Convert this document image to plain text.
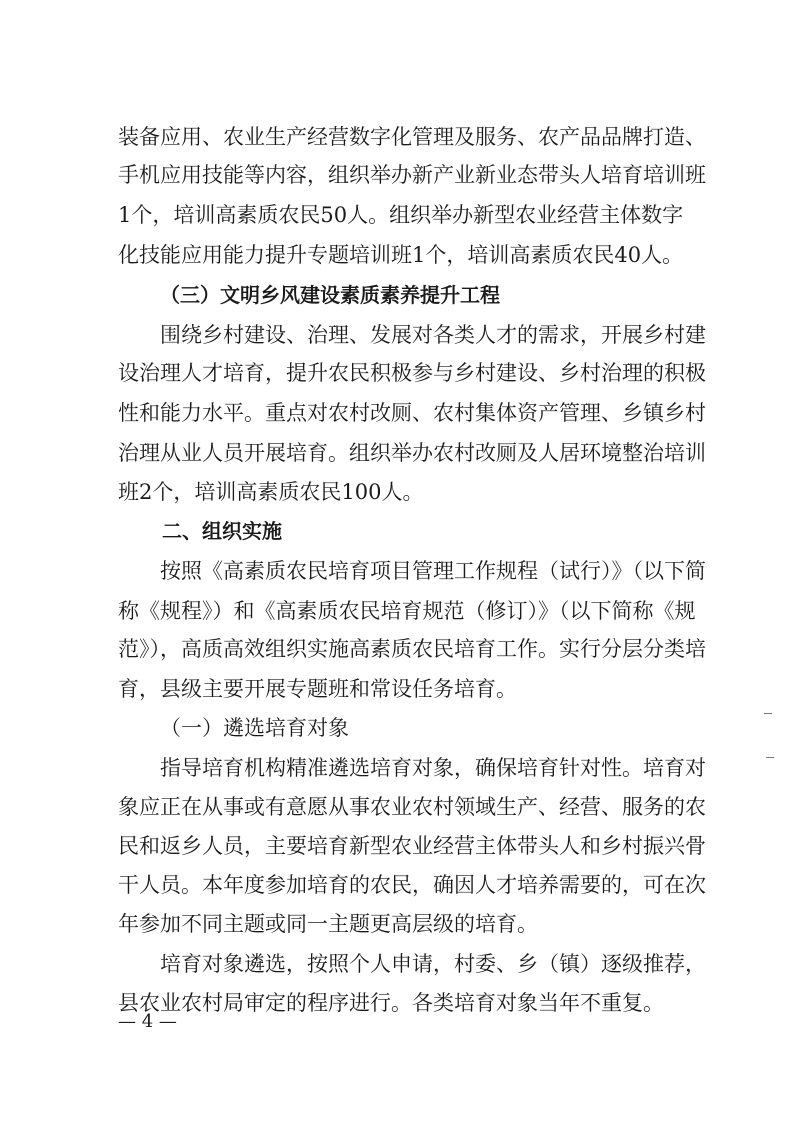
装备应用、农业生产经营数字化管理及服务、农产品品牌打造、
手机应用技能等内容，组织举办新产业新业态带头人培育培训班
1个，培训高素质农民50人。组织举办新型农业经营主体数字
化技能应用能力提升专题培训班1个，培训高素质农民40人。
（三）文明乡风建设素质素养提升工程
围绕乡村建设、治理、发展对各类人才的需求，开展乡村建
设治理人才培育，提升农民积极参与乡村建设、乡村治理的积极
性和能力水平。重点对农村改厕、农村集体资产管理、乡镇乡村
治理从业人员开展培育。组织举办农村改厕及人居环境整治培训
班2个，培训高素质农民100人。
二、组织实施
按照《高素质农民培育项目管理工作规程（试行）》（以下简
称《规程》）和《高素质农民培育规范（修订）》（以下简称《规
范》），高质高效组织实施高素质农民培育工作。实行分层分类培
育，县级主要开展专题班和常设任务培育。
（一）遴选培育对象
指导培育机构精准遴选培育对象，确保培育针对性。培育对
象应正在从事或有意愿从事农业农村领域生产、经营、服务的农
民和返乡人员，主要培育新型农业经营主体带头人和乡村振兴骨
干人员。本年度参加培育的农民，确因人才培养需要的，可在次
年参加不同主题或同一主题更高层级的培育。
培育对象遴选，按照个人申请，村委、乡（镇）逐级推荐，
县农业农村局审定的程序进行。各类培育对象当年不重复。
— 4 —
